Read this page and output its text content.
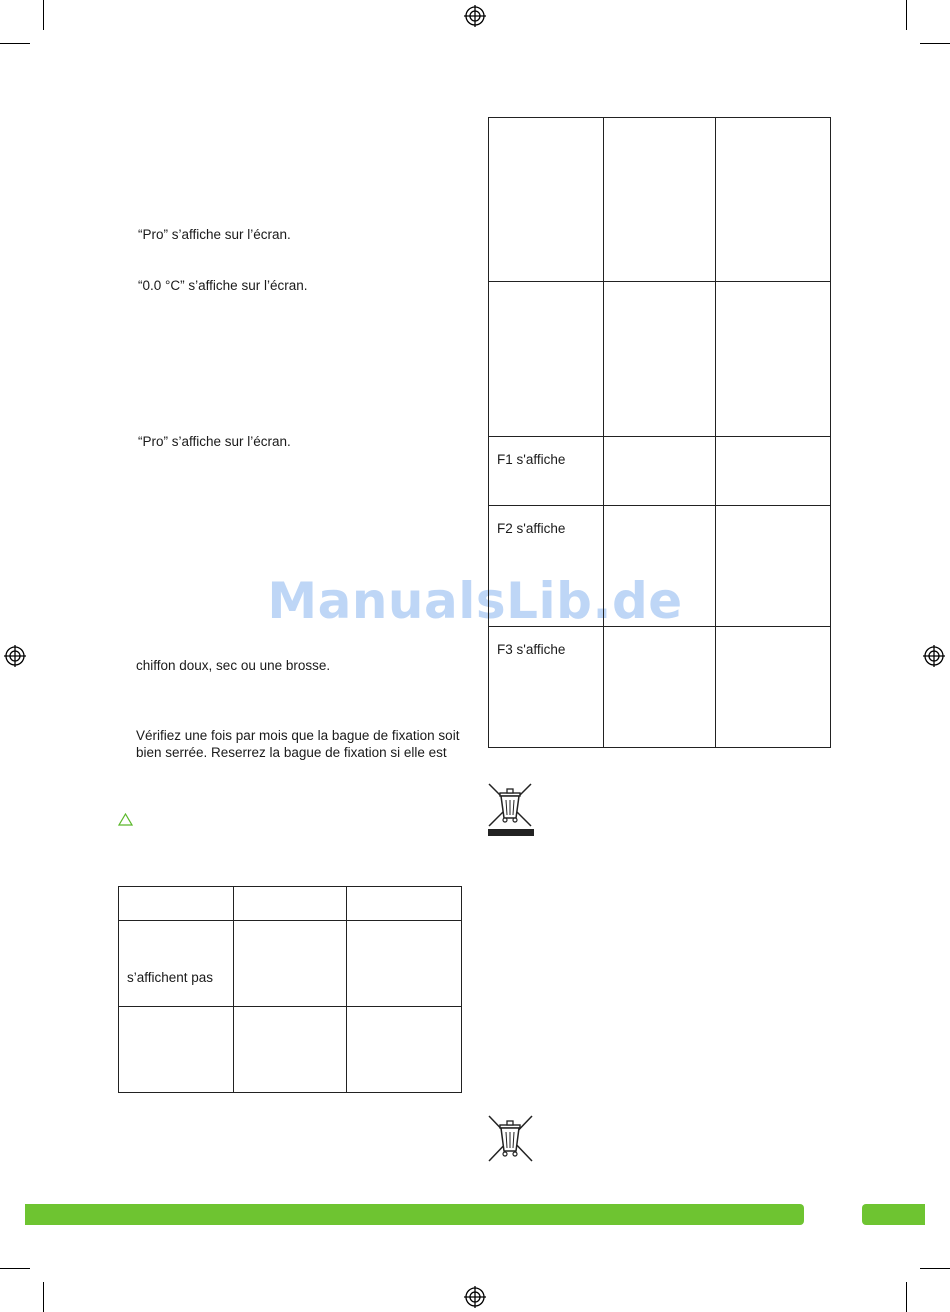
“Pro” s’affiche sur l’écran.
“0.0 °C” s’affiche sur l’écran.
“Pro” s’affiche sur l’écran.
ManualsLib.de
chiffon doux, sec ou une brosse.
Vérifiez une fois par mois que la bague de fixation soit
bien serrée. Reserrez la bague de fixation si elle est

s’affichent pas		

F1 s'affiche		

F2 s'affiche		

F3 s'affiche		
